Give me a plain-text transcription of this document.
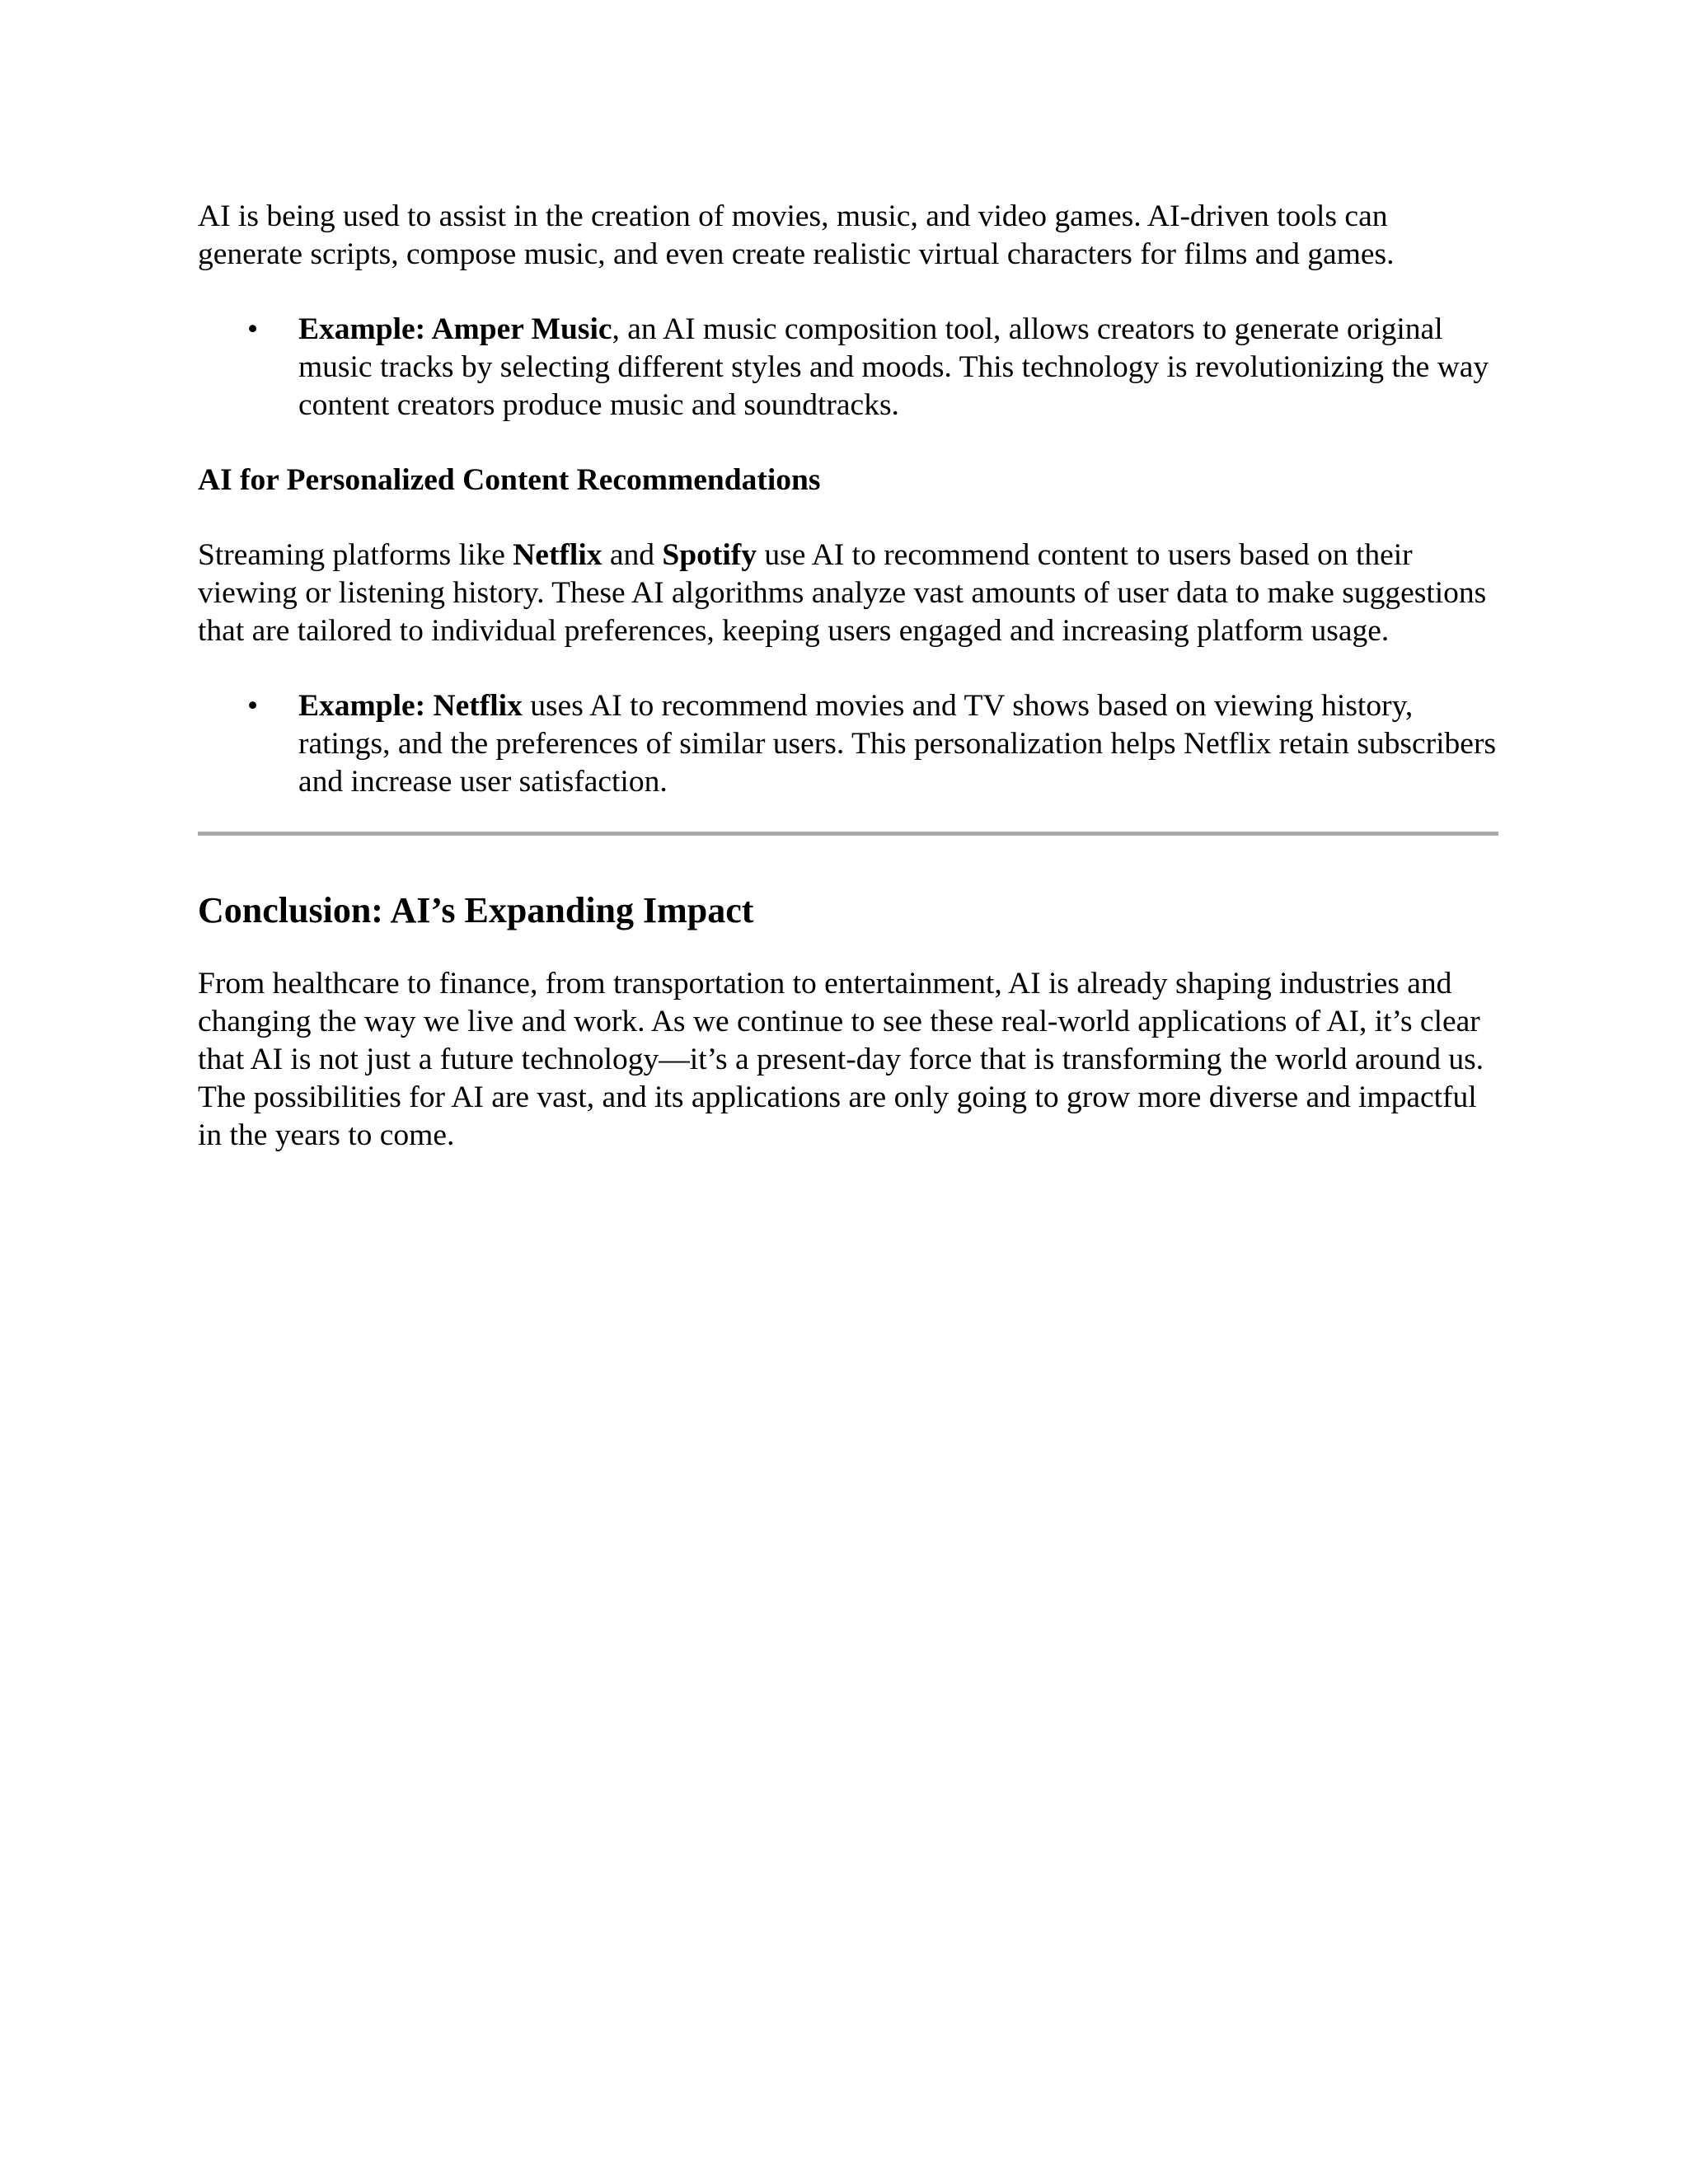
AI is being used to assist in the creation of movies, music, and video games. AI-driven tools can generate scripts, compose music, and even create realistic virtual characters for films and games.

• Example: Amper Music, an AI music composition tool, allows creators to generate original music tracks by selecting different styles and moods. This technology is revolutionizing the way content creators produce music and soundtracks.

AI for Personalized Content Recommendations

Streaming platforms like Netflix and Spotify use AI to recommend content to users based on their viewing or listening history. These AI algorithms analyze vast amounts of user data to make suggestions that are tailored to individual preferences, keeping users engaged and increasing platform usage.

• Example: Netflix uses AI to recommend movies and TV shows based on viewing history, ratings, and the preferences of similar users. This personalization helps Netflix retain subscribers and increase user satisfaction.

Conclusion: AI’s Expanding Impact

From healthcare to finance, from transportation to entertainment, AI is already shaping industries and changing the way we live and work. As we continue to see these real-world applications of AI, it’s clear that AI is not just a future technology—it’s a present-day force that is transforming the world around us. The possibilities for AI are vast, and its applications are only going to grow more diverse and impactful in the years to come.
